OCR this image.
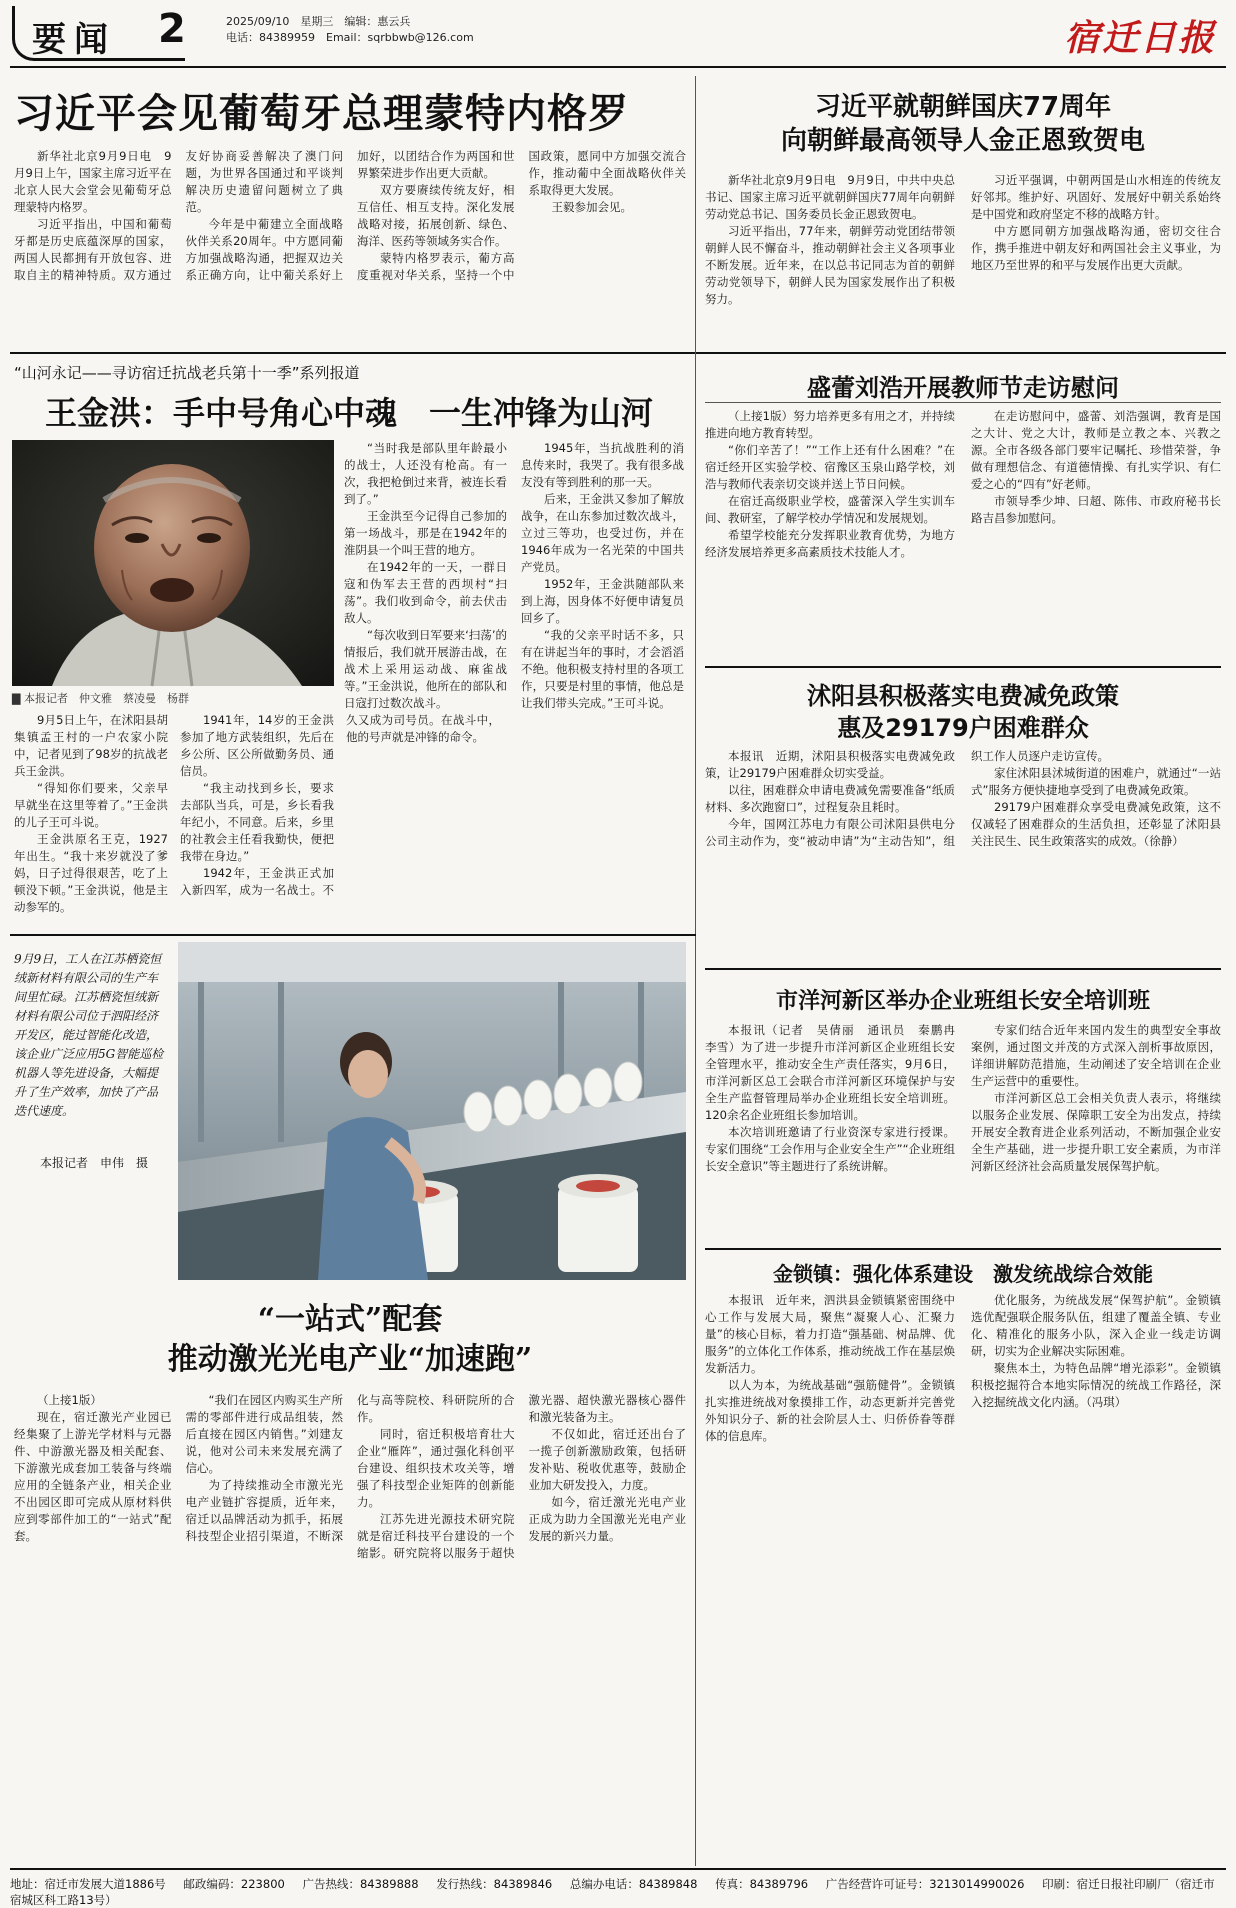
要闻 2	2025/09/10　星期三　编辑：惠云兵
电话：84389959　Email：sqrbbwb@126.com	宿迁日报
习近平会见葡萄牙总理蒙特内格罗

新华社北京9月9日电　9月9日上午，国家主席习近平在北京人民大会堂会见葡萄牙总理蒙特内格罗。

习近平指出，中国和葡萄牙都是历史底蕴深厚的国家，两国人民都拥有开放包容、进取自主的精神特质。双方通过友好协商妥善解决了澳门问题，为世界各国通过和平谈判解决历史遗留问题树立了典范。

今年是中葡建立全面战略伙伴关系20周年。中方愿同葡方加强战略沟通，把握双边关系正确方向，让中葡关系好上加好，以团结合作为两国和世界繁荣进步作出更大贡献。

双方要赓续传统友好，相互信任、相互支持。深化发展战略对接，拓展创新、绿色、海洋、医药等领域务实合作。

蒙特内格罗表示，葡方高度重视对华关系，坚持一个中国政策，愿同中方加强交流合作，推动葡中全面战略伙伴关系取得更大发展。

王毅参加会见。

习近平就朝鲜国庆77周年
向朝鲜最高领导人金正恩致贺电

新华社北京9月9日电　9月9日，中共中央总书记、国家主席习近平就朝鲜国庆77周年向朝鲜劳动党总书记、国务委员长金正恩致贺电。

习近平指出，77年来，朝鲜劳动党团结带领朝鲜人民不懈奋斗，推动朝鲜社会主义各项事业不断发展。近年来，在以总书记同志为首的朝鲜劳动党领导下，朝鲜人民为国家发展作出了积极努力。

习近平强调，中朝两国是山水相连的传统友好邻邦。维护好、巩固好、发展好中朝关系始终是中国党和政府坚定不移的战略方针。

中方愿同朝方加强战略沟通，密切交往合作，携手推进中朝友好和两国社会主义事业，为地区乃至世界的和平与发展作出更大贡献。

“山河永记——寻访宿迁抗战老兵第十一季”系列报道
王金洪：手中号角心中魂　一生冲锋为山河
▇ 本报记者　仲文雅　蔡凌曼　杨群

9月5日上午，在沭阳县胡集镇孟王村的一户农家小院中，记者见到了98岁的抗战老兵王金洪。

“得知你们要来，父亲早早就坐在这里等着了。”王金洪的儿子王可斗说。

王金洪原名王克，1927年出生。“我十来岁就没了爹妈，日子过得很艰苦，吃了上顿没下顿。”王金洪说，他是主动参军的。

1941年，14岁的王金洪参加了地方武装组织，先后在乡公所、区公所做勤务员、通信员。

“我主动找到乡长，要求去部队当兵，可是，乡长看我年纪小，不同意。后来，乡里的社教会主任看我勤快，便把我带在身边。”

1942年，王金洪正式加入新四军，成为一名战士。不久又成为司号员。在战斗中，他的号声就是冲锋的命令。

“当时我是部队里年龄最小的战士，人还没有枪高。有一次，我把枪倒过来背，被连长看到了。”

王金洪至今记得自己参加的第一场战斗，那是在1942年的淮阴县一个叫王营的地方。

在1942年的一天，一群日寇和伪军去王营的西坝村“扫荡”。我们收到命令，前去伏击敌人。

“每次收到日军要来‘扫荡’的情报后，我们就开展游击战，在战术上采用运动战、麻雀战等。”王金洪说，他所在的部队和日寇打过数次战斗。

1945年，当抗战胜利的消息传来时，我哭了。我有很多战友没有等到胜利的那一天。

后来，王金洪又参加了解放战争，在山东参加过数次战斗，立过三等功，也受过伤，并在1946年成为一名光荣的中国共产党员。

1952年，王金洪随部队来到上海，因身体不好便申请复员回乡了。

“我的父亲平时话不多，只有在讲起当年的事时，才会滔滔不绝。他积极支持村里的各项工作，只要是村里的事情，他总是让我们带头完成。”王可斗说。

盛蕾刘浩开展教师节走访慰问

（上接1版）努力培养更多有用之才，并持续推进向地方教育转型。

“你们辛苦了！”“工作上还有什么困难？”在宿迁经开区实验学校、宿豫区玉泉山路学校，刘浩与教师代表亲切交谈并送上节日问候。

在宿迁高级职业学校，盛蕾深入学生实训车间、教研室，了解学校办学情况和发展规划。

希望学校能充分发挥职业教育优势，为地方经济发展培养更多高素质技术技能人才。

在走访慰问中，盛蕾、刘浩强调，教育是国之大计、党之大计，教师是立教之本、兴教之源。全市各级各部门要牢记嘱托、珍惜荣誉，争做有理想信念、有道德情操、有扎实学识、有仁爱之心的“四有”好老师。

市领导季少坤、曰超、陈伟、市政府秘书长路吉昌参加慰问。

沭阳县积极落实电费减免政策
惠及29179户困难群众

本报讯　近期，沭阳县积极落实电费减免政策，让29179户困难群众切实受益。

以往，困难群众申请电费减免需要准备“纸质材料、多次跑窗口”，过程复杂且耗时。

今年，国网江苏电力有限公司沭阳县供电分公司主动作为，变“被动申请”为“主动告知”，组织工作人员逐户走访宣传。

家住沭阳县沭城街道的困难户，就通过“一站式”服务方便快捷地享受到了电费减免政策。

29179户困难群众享受电费减免政策，这不仅减轻了困难群众的生活负担，还彰显了沭阳县关注民生、民生政策落实的成效。（徐静）

9月9日，工人在江苏栖瓷恒绒新材料有限公司的生产车间里忙碌。江苏栖瓷恒绒新材料有限公司位于泗阳经济开发区，能过智能化改造，该企业广泛应用5G智能巡检机器人等先进设备，大幅提升了生产效率，加快了产品迭代速度。
本报记者　申伟　摄
市洋河新区举办企业班组长安全培训班

本报讯（记者　吴倩丽　通讯员　秦鹏冉　李雪）为了进一步提升市洋河新区企业班组长安全管理水平，推动安全生产责任落实，9月6日，市洋河新区总工会联合市洋河新区环境保护与安全生产监督管理局举办企业班组长安全培训班。120余名企业班组长参加培训。

本次培训班邀请了行业资深专家进行授课。专家们围绕“工会作用与企业安全生产”“企业班组长安全意识”等主题进行了系统讲解。

专家们结合近年来国内发生的典型安全事故案例，通过图文并茂的方式深入剖析事故原因，详细讲解防范措施，生动阐述了安全培训在企业生产运营中的重要性。

市洋河新区总工会相关负责人表示，将继续以服务企业发展、保障职工安全为出发点，持续开展安全教育进企业系列活动，不断加强企业安全生产基础，进一步提升职工安全素质，为市洋河新区经济社会高质量发展保驾护航。

金锁镇：强化体系建设　激发统战综合效能

本报讯　近年来，泗洪县金锁镇紧密围绕中心工作与发展大局，聚焦“凝聚人心、汇聚力量”的核心目标，着力打造“强基础、树品牌、优服务”的立体化工作体系，推动统战工作在基层焕发新活力。

以人为本，为统战基础“强筋健骨”。金锁镇扎实推进统战对象摸排工作，动态更新并完善党外知识分子、新的社会阶层人士、归侨侨眷等群体的信息库。

优化服务，为统战发展“保驾护航”。金锁镇选优配强联企服务队伍，组建了覆盖全镇、专业化、精准化的服务小队，深入企业一线走访调研，切实为企业解决实际困难。

聚焦本土，为特色品牌“增光添彩”。金锁镇积极挖掘符合本地实际情况的统战工作路径，深入挖掘统战文化内涵。（冯琪）

“一站式”配套
推动激光光电产业“加速跑”

（上接1版）

现在，宿迁激光产业园已经集聚了上游光学材料与元器件、中游激光器及相关配套、下游激光成套加工装备与终端应用的全链条产业，相关企业不出园区即可完成从原材料供应到零部件加工的“一站式”配套。

“我们在园区内购买生产所需的零部件进行成品组装，然后直接在园区内销售。”刘建友说，他对公司未来发展充满了信心。

为了持续推动全市激光光电产业链扩容提质，近年来，宿迁以品牌活动为抓手，拓展科技型企业招引渠道，不断深化与高等院校、科研院所的合作。

同时，宿迁积极培育壮大企业“雁阵”，通过强化科创平台建设、组织技术攻关等，增强了科技型企业矩阵的创新能力。

江苏先进光源技术研究院就是宿迁科技平台建设的一个缩影。研究院将以服务于超快激光器、超快激光器核心器件和激光装备为主。

不仅如此，宿迁还出台了一揽子创新激励政策，包括研发补贴、税收优惠等，鼓励企业加大研发投入，力度。

如今，宿迁激光光电产业正成为助力全国激光光电产业发展的新兴力量。

地址：宿迁市发展大道1886号 邮政编码：223800 广告热线：84389888 发行热线：84389846 总编办电话：84389848 传真：84389796 广告经营许可证号：3213014990026 印刷：宿迁日报社印刷厂（宿迁市宿城区科工路13号）
